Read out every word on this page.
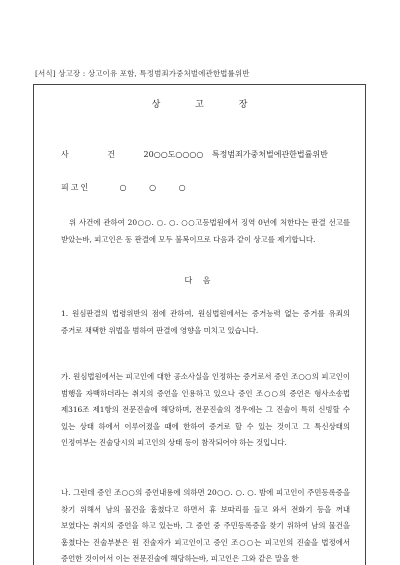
[서식] 상고장 : 상고이유 포함, 특정범죄가중처벌에관한법률위반
상 고 장
사 건 20○○도○○○○ 특정범죄가중처벌에관한법률위반
피고인	○ ○ ○
위 사건에 관하여 20○○. ○. ○. ○○고등법원에서 징역 0년에 처한다는 판결 선고를 받았는바, 피고인은 동 판결에 모두 불복이므로 다음과 같이 상고를 제기합니다.
다 음
1. 원심판결의 법령위반의 점에 관하여, 원심법원에서는 증거능력 없는 증거를 유죄의 증거로 채택한 위법을 범하여 판결에 영향을 미치고 있습니다.
가. 원심법원에서는 피고인에 대한 공소사실을 인정하는 증거로서 증인 조○○의 피고인이 범행을 자백하더라는 취지의 증언을 인용하고 있으나 증인 조○○의 증언은 형사소송법 제316조 제1항의 전문진술에 해당하며, 전문진술의 경우에는 그 진술이 특히 신빙할 수 있는 상태 하에서 이루어졌을 때에 한하여 증거로 할 수 있는 것이고 그 특신상태의 인정여부는 진술당시의 피고인의 상태 등이 참작되어야 하는 것입니다.
나. 그런데 증인 조○○의 증언내용에 의하면 20○○. ○. ○. 밤에 피고인이 주민등록증을 찾기 위해서 남의 물건을 훔쳤다고 하면서 휴 보따리를 들고 와서 전화기 등을 꺼내 보였다는 취지의 증언을 하고 있는바, 그 증언 중 주민등록증을 찾기 위하여 남의 물건을 훔쳤다는 진술부분은 원 진술자가 피고인이고 증인 조○○는 피고인의 진술을 법정에서 증언한 것이어서 이는 전문진술에 해당하는바, 피고인은 그와 같은 말을 한
